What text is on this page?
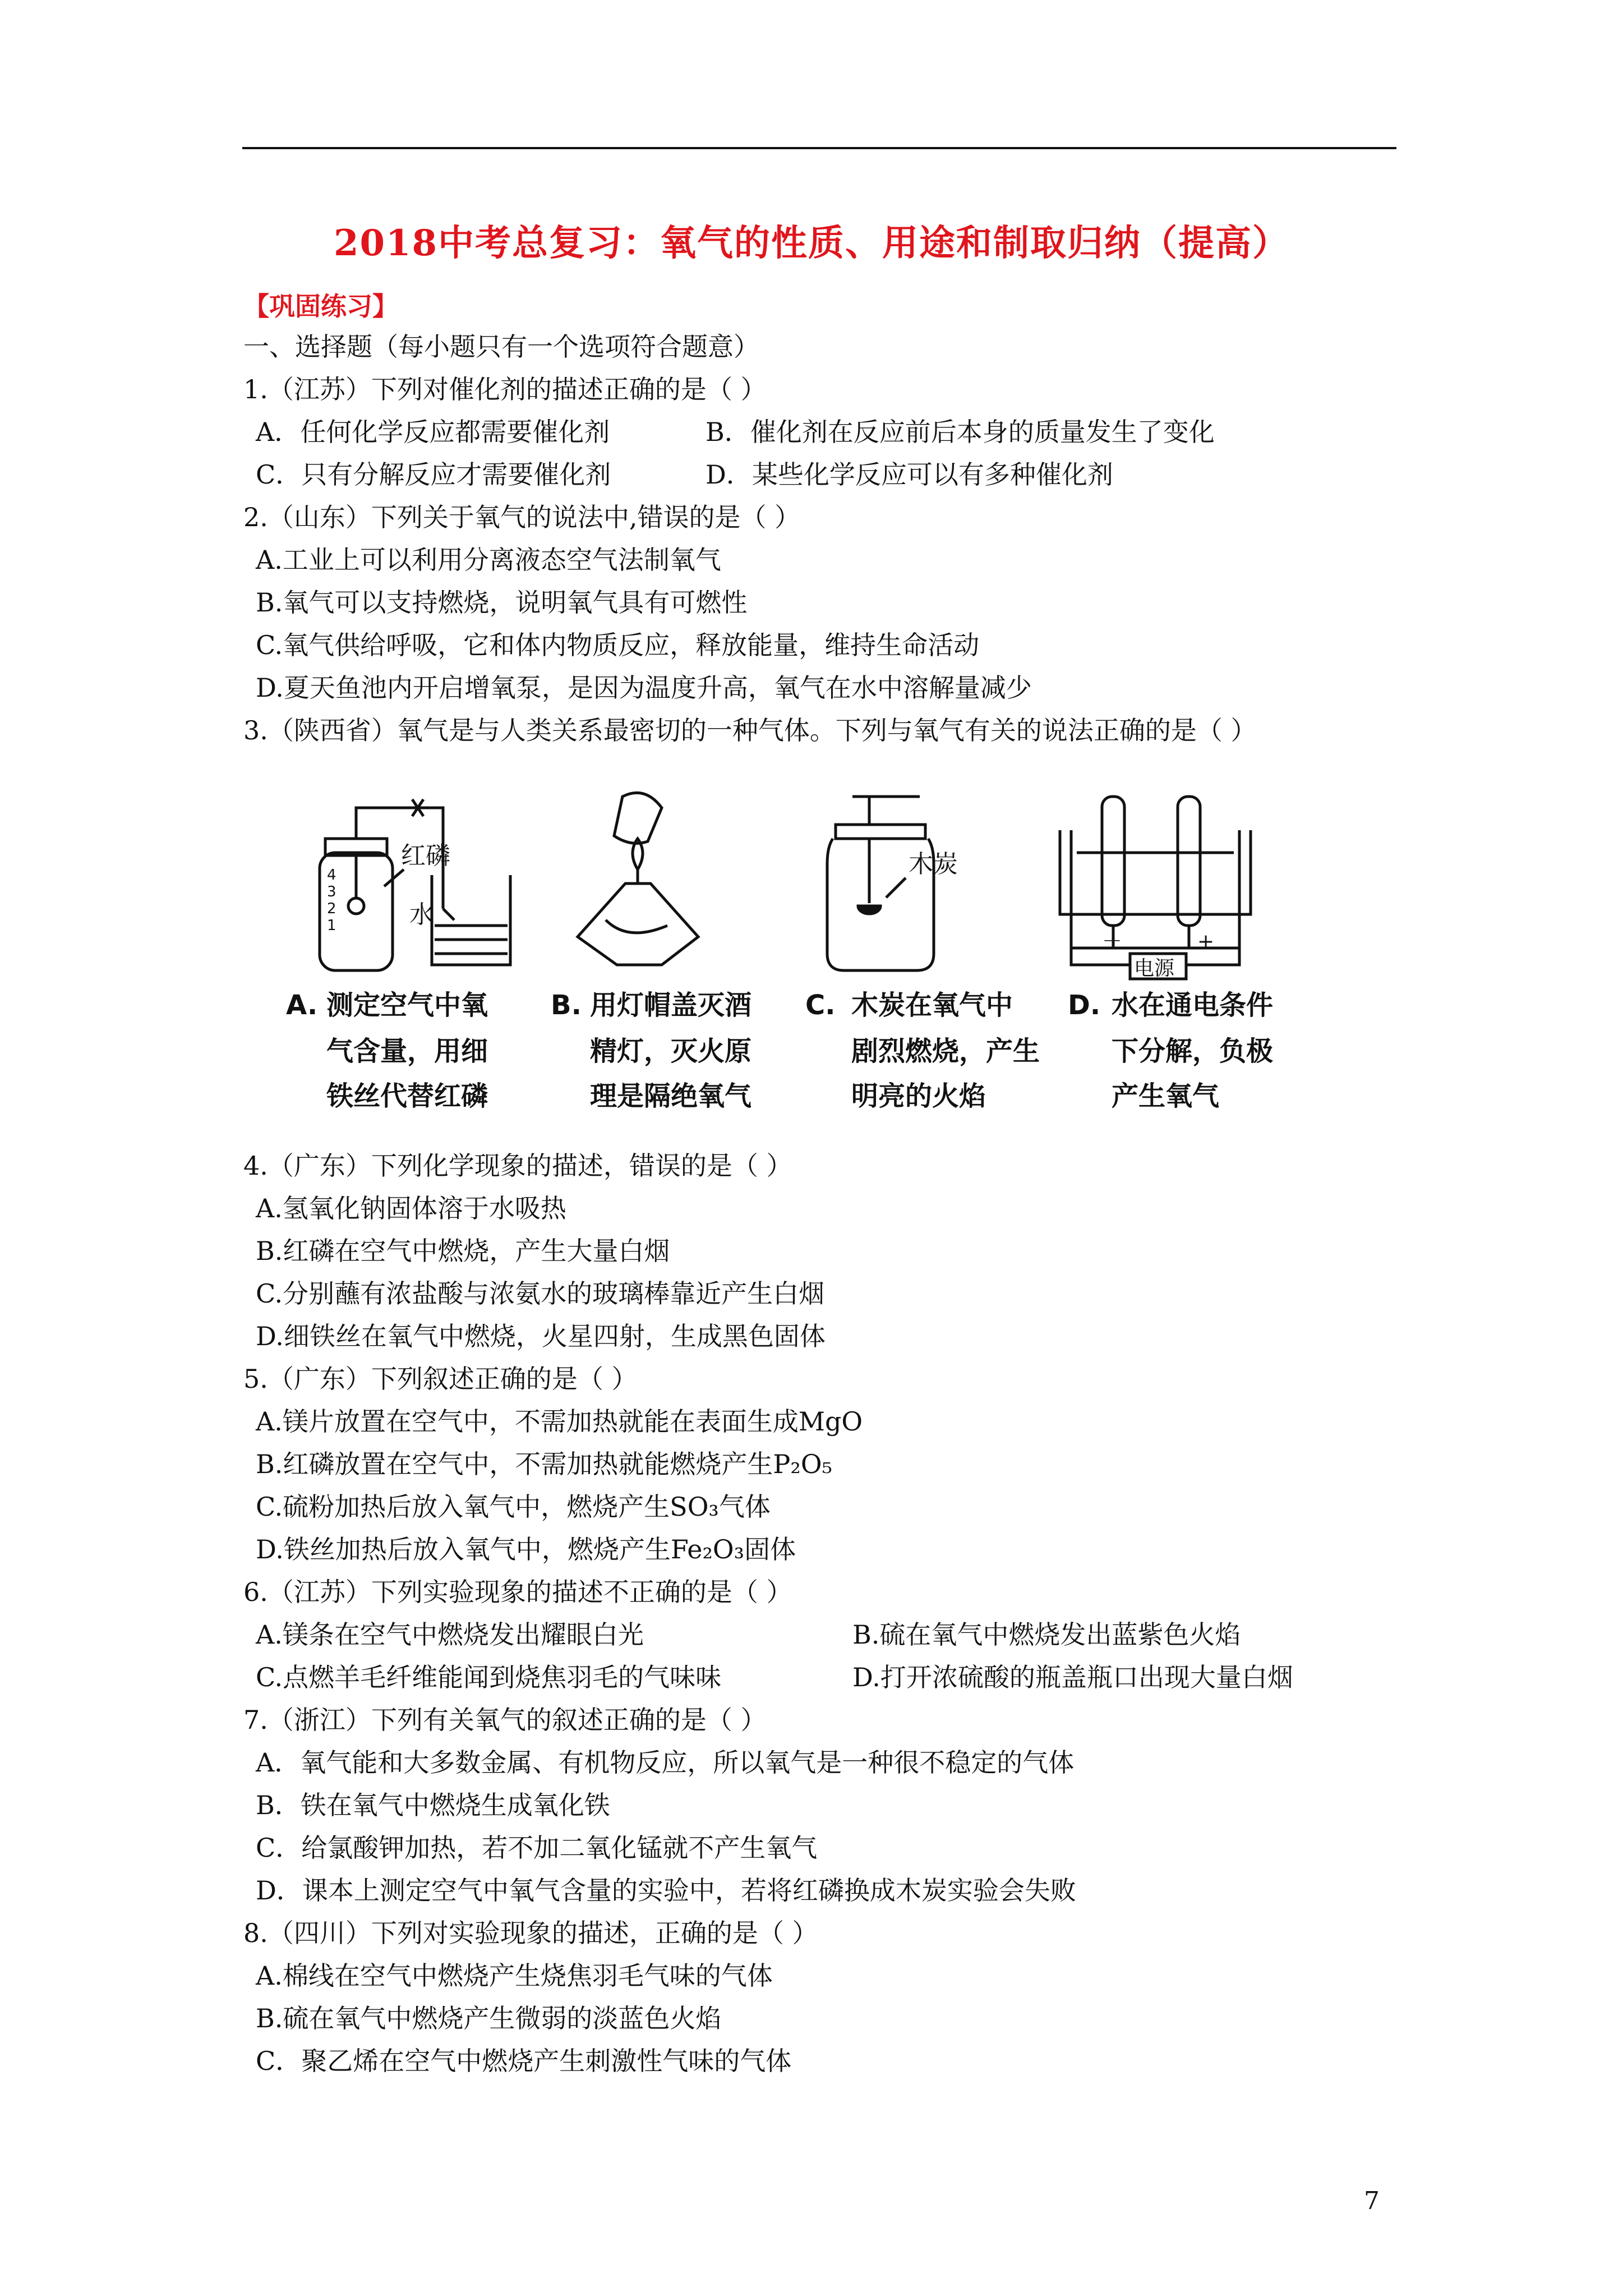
2018中考总复习：氧气的性质、用途和制取归纳（提高）
【巩固练习】
一、选择题（每小题只有一个选项符合题意）
1.（江苏）下列对催化剂的描述正确的是（ ）
A．任何化学反应都需要催化剂	B．催化剂在反应前后本身的质量发生了变化
C．只有分解反应才需要催化剂	D．某些化学反应可以有多种催化剂
2.（山东）下列关于氧气的说法中,错误的是（ ）
A.工业上可以利用分离液态空气法制氧气
B.氧气可以支持燃烧，说明氧气具有可燃性
C.氧气供给呼吸，它和体内物质反应，释放能量，维持生命活动
D.夏天鱼池内开启增氧泵，是因为温度升高，氧气在水中溶解量减少
3.（陕西省）氧气是与人类关系最密切的一种气体。下列与氧气有关的说法正确的是（ ）
红磷
水
木炭
电源
－	+
4
3
2
1
A. 测定空气中氧
气含量，用细
铁丝代替红磷
B. 用灯帽盖灭酒
精灯，灭火原
理是隔绝氧气
C. 木炭在氧气中
剧烈燃烧，产生
明亮的火焰
D. 水在通电条件
下分解，负极
产生氧气
4.（广东）下列化学现象的描述，错误的是（ ）
A.氢氧化钠固体溶于水吸热
B.红磷在空气中燃烧，产生大量白烟
C.分别蘸有浓盐酸与浓氨水的玻璃棒靠近产生白烟
D.细铁丝在氧气中燃烧，火星四射，生成黑色固体
5.（广东）下列叙述正确的是（ ）
A.镁片放置在空气中，不需加热就能在表面生成MgO
B.红磷放置在空气中，不需加热就能燃烧产生P₂O₅
C.硫粉加热后放入氧气中，燃烧产生SO₃气体
D.铁丝加热后放入氧气中，燃烧产生Fe₂O₃固体
6.（江苏）下列实验现象的描述不正确的是（ ）
A.镁条在空气中燃烧发出耀眼白光	B.硫在氧气中燃烧发出蓝紫色火焰
C.点燃羊毛纤维能闻到烧焦羽毛的气味味	D.打开浓硫酸的瓶盖瓶口出现大量白烟
7.（浙江）下列有关氧气的叙述正确的是（ ）
A．氧气能和大多数金属、有机物反应，所以氧气是一种很不稳定的气体
B．铁在氧气中燃烧生成氧化铁
C．给氯酸钾加热，若不加二氧化锰就不产生氧气
D．课本上测定空气中氧气含量的实验中，若将红磷换成木炭实验会失败
8.（四川）下列对实验现象的描述，正确的是（ ）
A.棉线在空气中燃烧产生烧焦羽毛气味的气体
B.硫在氧气中燃烧产生微弱的淡蓝色火焰
C．聚乙烯在空气中燃烧产生刺激性气味的气体
7
